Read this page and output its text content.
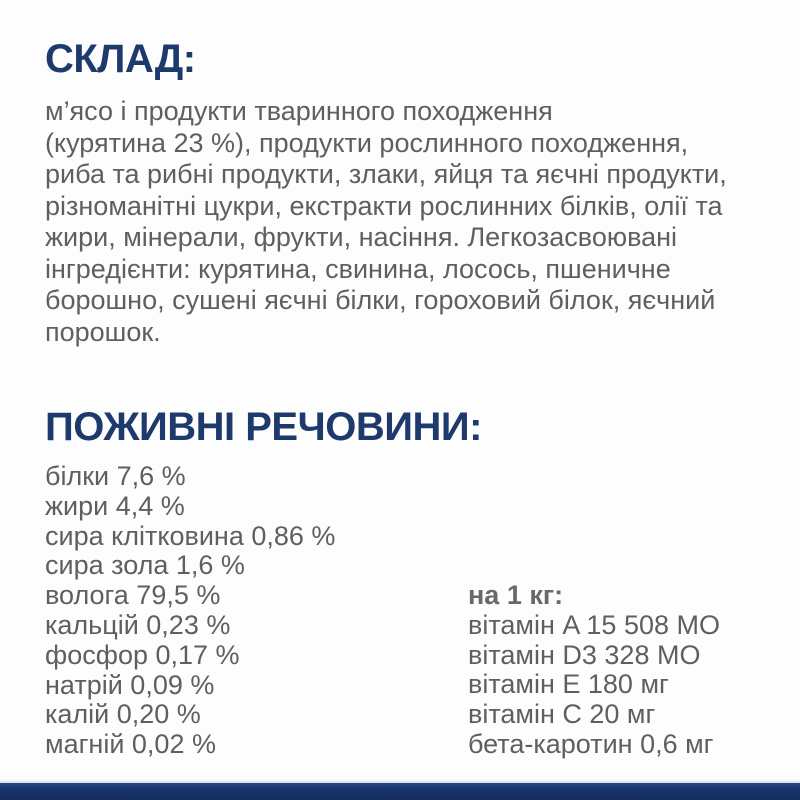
СКЛАД:

м’ясо і продукти тваринного походження
(курятина 23 %), продукти рослинного походження,
риба та рибні продукти, злаки, яйця та яєчні продукти,
різноманітні цукри, екстракти рослинних білків, олії та
жири, мінерали, фрукти, насіння. Легкозасвоювані
інгредієнти: курятина, свинина, лосось, пшеничне
борошно, сушені яєчні білки, гороховий білок, яєчний
порошок.

ПОЖИВНІ РЕЧОВИНИ:
білки 7,6 %
жири 4,4 %
сира клітковина 0,86 %
сира зола 1,6 %
волога 79,5 %
кальцій 0,23 %
фосфор 0,17 %
натрій 0,09 %
калій 0,20 %
магній 0,02 %
на 1 кг:
вітамін A 15 508 МО
вітамін D3 328 МО
вітамін E 180 мг
вітамін C 20 мг
бета-каротин 0,6 мг
